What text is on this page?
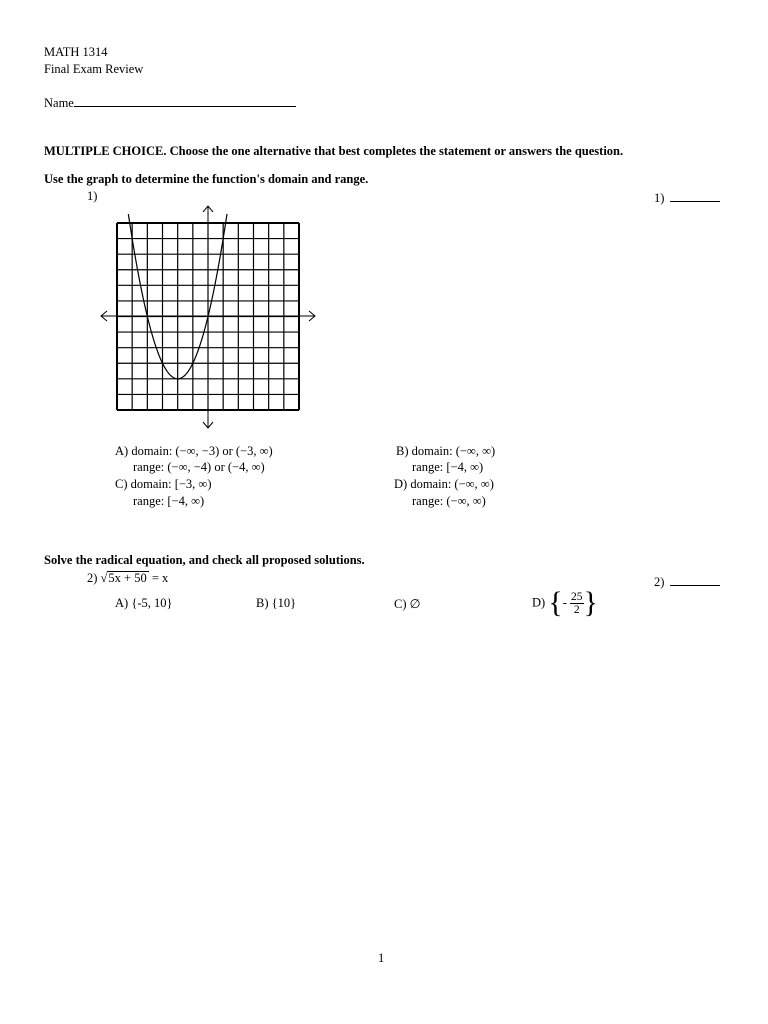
MATH 1314
Final Exam Review
Name
MULTIPLE CHOICE. Choose the one alternative that best completes the statement or answers the question.
Use the graph to determine the function's domain and range.
1)	1)
A) domain: (−∞, −3) or (−3, ∞)
range: (−∞, −4) or (−4, ∞)
B) domain: (−∞, ∞)
range: [−4, ∞)
C) domain: [−3, ∞)
range: [−4, ∞)
D) domain: (−∞, ∞)
range: (−∞, ∞)
Solve the radical equation, and check all proposed solutions.
2) √5x + 50 = x	2)
A) {-5, 10}	B) {10}	C) ∅	D) {- $\frac{25}{2}$ }
1
